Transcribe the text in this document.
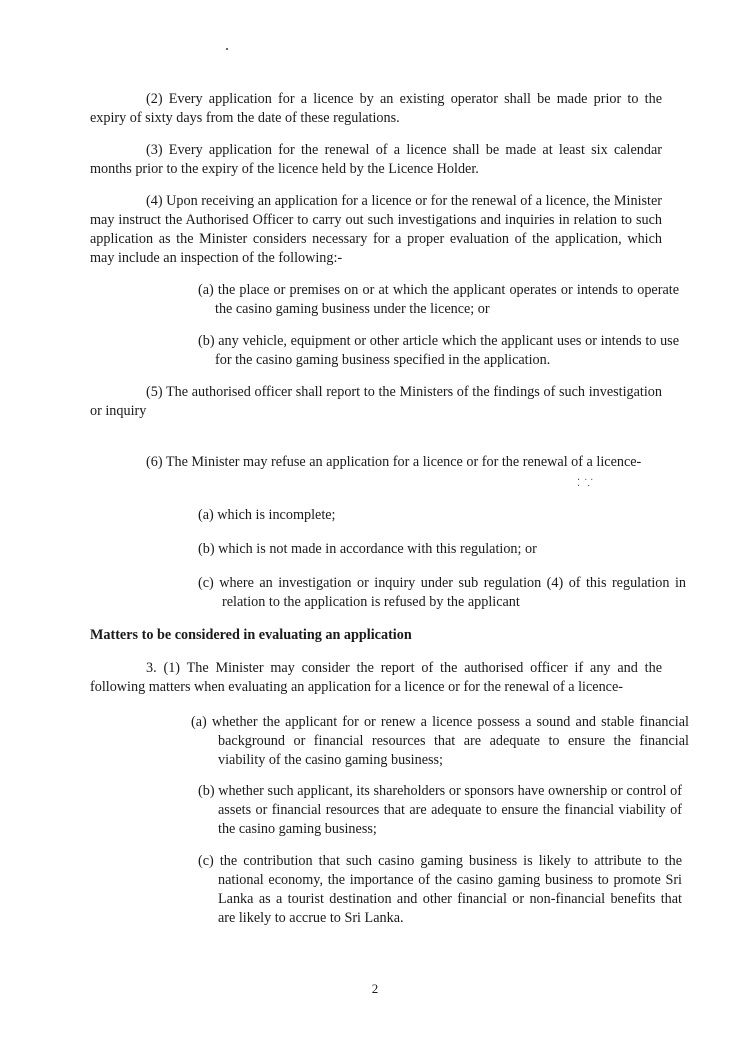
(2) Every application for a licence by an existing operator shall be made prior to the expiry of sixty days from the date of these regulations.
(3) Every application for the renewal of a licence shall be made at least six calendar months prior to the expiry of the licence held by the Licence Holder.
(4) Upon receiving an application for a licence or for the renewal of a licence, the Minister may instruct the Authorised Officer to carry out such investigations and inquiries in relation to such application as the Minister considers necessary for a proper evaluation of the application, which may include an inspection of the following:-
(a) the place or premises on or at which the applicant operates or intends to operate the casino gaming business under the licence; or
(b) any vehicle, equipment or other article which the applicant uses or intends to use for the casino gaming business specified in the application.
(5) The authorised officer shall report to the Ministers of the findings of such investigation or inquiry
(6) The Minister may refuse an application for a licence or for the renewal of a licence-
⁚ ⸪
(a) which is incomplete;
(b) which is not made in accordance with this regulation; or
(c) where an investigation or inquiry under sub regulation (4) of this regulation in relation to the application is refused by the applicant
Matters to be considered in evaluating an application
3. (1) The Minister may consider the report of the authorised officer if any and the following matters when evaluating an application for a licence or for the renewal of a licence-
(a) whether the applicant for or renew a licence possess a sound and stable financial background or financial resources that are adequate to ensure the financial viability of the casino gaming business;
(b) whether such applicant, its shareholders or sponsors have ownership or control of assets or financial resources that are adequate to ensure the financial viability of the casino gaming business;
(c) the contribution that such casino gaming business is likely to attribute to the national economy, the importance of the casino gaming business to promote Sri Lanka as a tourist destination and other financial or non-financial benefits that are likely to accrue to Sri Lanka.
2
